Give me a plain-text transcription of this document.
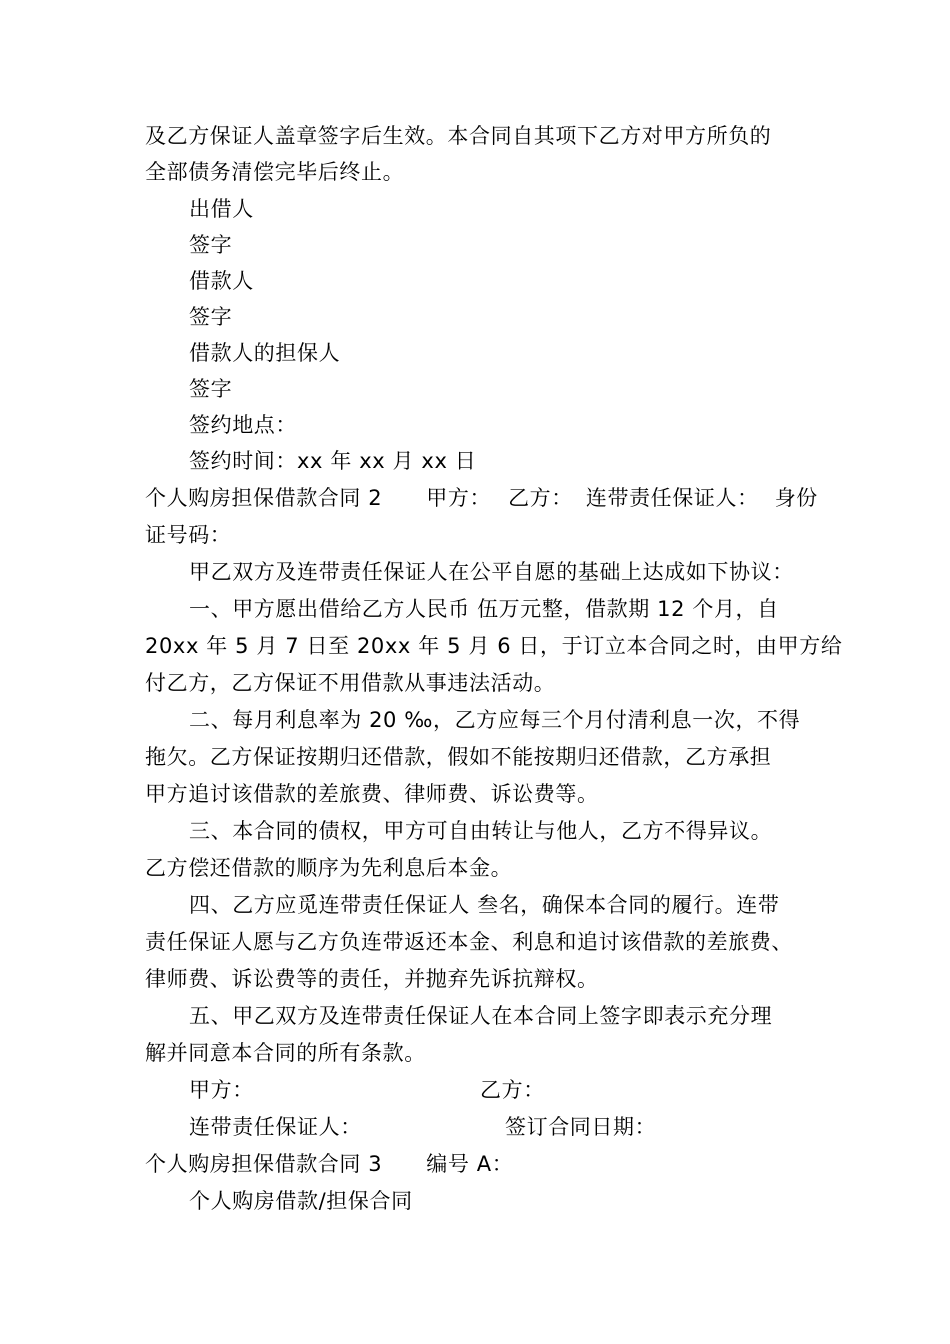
及乙方保证人盖章签字后生效。本合同自其项下乙方对甲方所负的
全部债务清偿完毕后终止。
出借人
签字
借款人
签字
借款人的担保人
签字
签约地点：
签约时间：xx 年 xx 月 xx 日
个人购房担保借款合同 2 甲方： 乙方： 连带责任保证人： 身份
证号码：
甲乙双方及连带责任保证人在公平自愿的基础上达成如下协议：
一、甲方愿出借给乙方人民币 伍万元整，借款期 12 个月，自
20xx 年 5 月 7 日至 20xx 年 5 月 6 日，于订立本合同之时，由甲方给
付乙方，乙方保证不用借款从事违法活动。
二、每月利息率为 20 ‰，乙方应每三个月付清利息一次，不得
拖欠。乙方保证按期归还借款，假如不能按期归还借款，乙方承担
甲方追讨该借款的差旅费、律师费、诉讼费等。
三、本合同的债权，甲方可自由转让与他人，乙方不得异议。
乙方偿还借款的顺序为先利息后本金。
四、乙方应觅连带责任保证人 叁名，确保本合同的履行。连带
责任保证人愿与乙方负连带返还本金、利息和追讨该借款的差旅费、
律师费、诉讼费等的责任，并抛弃先诉抗辩权。
五、甲乙双方及连带责任保证人在本合同上签字即表示充分理
解并同意本合同的所有条款。
甲方：	乙方：
连带责任保证人：	签订合同日期：
个人购房担保借款合同 3 编号 A：
个人购房借款/担保合同
